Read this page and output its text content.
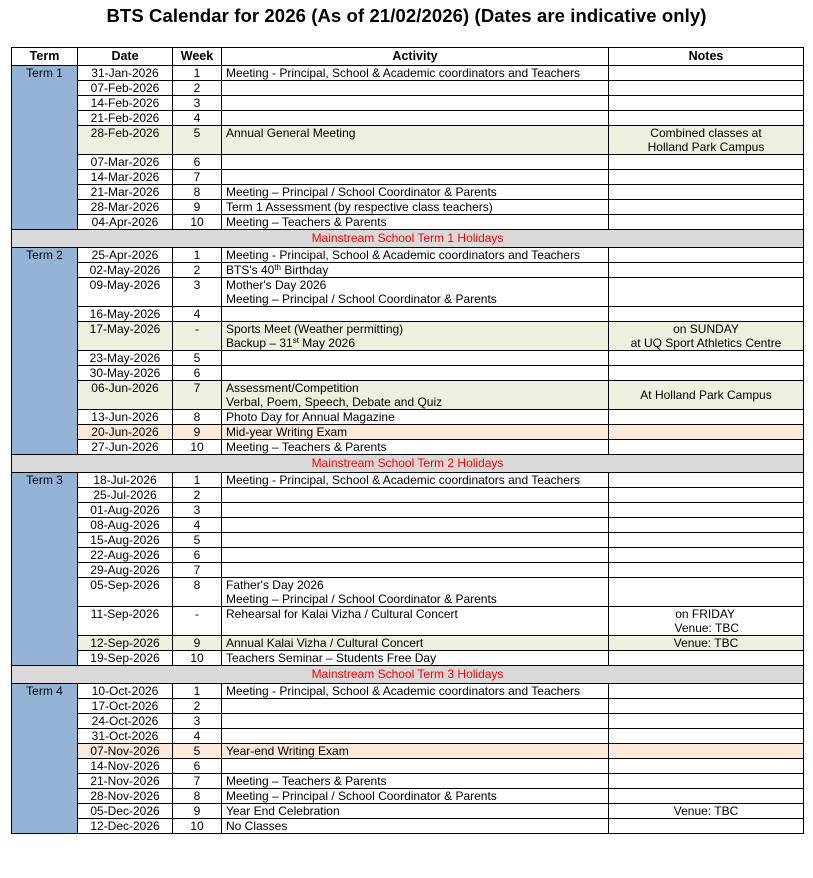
BTS Calendar for 2026 (As of 21/02/2026) (Dates are indicative only)
Term	Date	Week	Activity	Notes
Term 1	31-Jan-2026	1	Meeting - Principal, School & Academic coordinators and Teachers	

	07-Feb-2026	2		
	14-Feb-2026	3		
	21-Feb-2026	4		
	28-Feb-2026	5	Annual General Meeting	Combined classes at
Holland Park Campus

	07-Mar-2026	6		
	14-Mar-2026	7		
	21-Mar-2026	8	Meeting – Principal / School Coordinator & Parents	

	28-Mar-2026	9	Term 1 Assessment (by respective class teachers)	

	04-Apr-2026	10	Meeting – Teachers & Parents	

Mainstream School Term 1 Holidays				
Term 2	25-Apr-2026	1	Meeting - Principal, School & Academic coordinators and Teachers	

	02-May-2026	2	BTS's 40th Birthday	

	09-May-2026	3	Mother's Day 2026
Meeting – Principal / School Coordinator & Parents	

	16-May-2026	4		
	17-May-2026	-	Sports Meet (Weather permitting)
Backup – 31st May 2026	on SUNDAY
at UQ Sport Athletics Centre

	23-May-2026	5		
	30-May-2026	6		
	06-Jun-2026	7	Assessment/Competition
Verbal, Poem, Speech, Debate and Quiz	At Holland Park Campus

	13-Jun-2026	8	Photo Day for Annual Magazine	

	20-Jun-2026	9	Mid-year Writing Exam	

	27-Jun-2026	10	Meeting – Teachers & Parents	

Mainstream School Term 2 Holidays				
Term 3	18-Jul-2026	1	Meeting - Principal, School & Academic coordinators and Teachers	

	25-Jul-2026	2		
	01-Aug-2026	3		
	08-Aug-2026	4		
	15-Aug-2026	5		
	22-Aug-2026	6		
	29-Aug-2026	7		
	05-Sep-2026	8	Father's Day 2026
Meeting – Principal / School Coordinator & Parents	

	11-Sep-2026	-	Rehearsal for Kalai Vizha / Cultural Concert	on FRIDAY
Venue: TBC

	12-Sep-2026	9	Annual Kalai Vizha / Cultural Concert	Venue: TBC

	19-Sep-2026	10	Teachers Seminar – Students Free Day	

Mainstream School Term 3 Holidays				
Term 4	10-Oct-2026	1	Meeting - Principal, School & Academic coordinators and Teachers	

	17-Oct-2026	2		
	24-Oct-2026	3		
	31-Oct-2026	4		
	07-Nov-2026	5	Year-end Writing Exam	

	14-Nov-2026	6		
	21-Nov-2026	7	Meeting – Teachers & Parents	

	28-Nov-2026	8	Meeting – Principal / School Coordinator & Parents	

	05-Dec-2026	9	Year End Celebration	Venue: TBC

	12-Dec-2026	10	No Classes	
